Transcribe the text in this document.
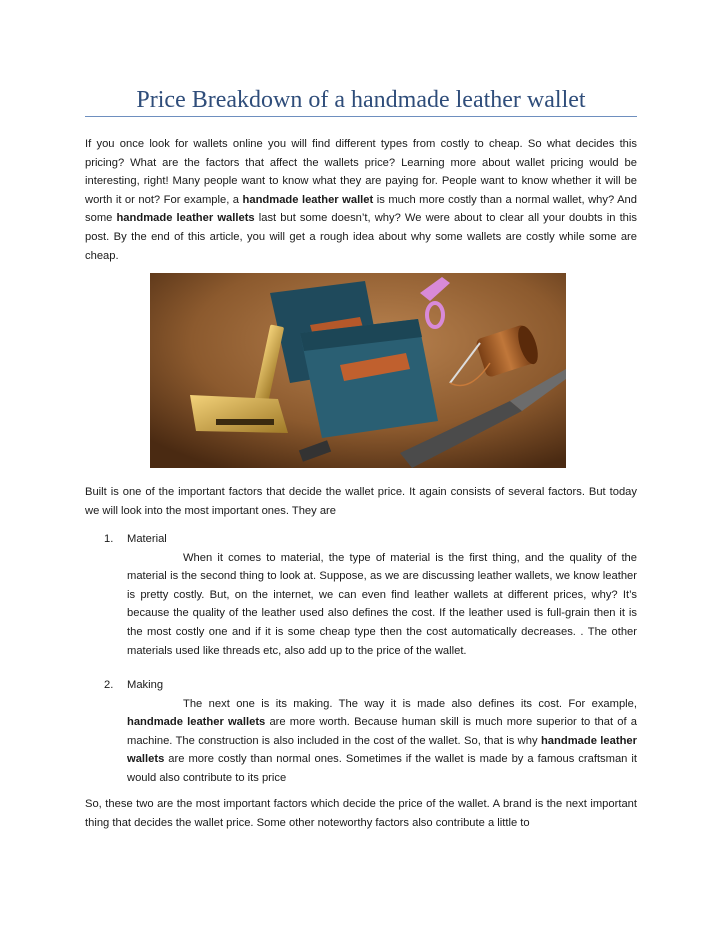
Price Breakdown of a handmade leather wallet

If you once look for wallets online you will find different types from costly to cheap. So what decides this pricing? What are the factors that affect the wallets price? Learning more about wallet pricing would be interesting, right! Many people want to know what they are paying for. People want to know whether it will be worth it or not? For example, a handmade leather wallet is much more costly than a normal wallet, why? And some handmade leather wallets last but some doesn’t, why? We were about to clear all your doubts in this post. By the end of this article, you will get a rough idea about why some wallets are costly while some are cheap.

Built is one of the important factors that decide the wallet price. It again consists of several factors. But today we will look into the most important ones. They are

1. Material

When it comes to material, the type of material is the first thing, and the quality of the material is the second thing to look at. Suppose, as we are discussing leather wallets, we know leather is pretty costly. But, on the internet, we can even find leather wallets at different prices, why? It’s because the quality of the leather used also defines the cost. If the leather used is full-grain then it is the most costly one and if it is some cheap type then the cost automatically decreases. . The other materials used like threads etc, also add up to the price of the wallet.

2. Making

The next one is its making. The way it is made also defines its cost. For example, handmade leather wallets are more worth. Because human skill is much more superior to that of a machine. The construction is also included in the cost of the wallet. So, that is why handmade leather wallets are more costly than normal ones. Sometimes if the wallet is made by a famous craftsman it would also contribute to its price

So, these two are the most important factors which decide the price of the wallet. A brand is the next important thing that decides the wallet price. Some other noteworthy factors also contribute a little to
